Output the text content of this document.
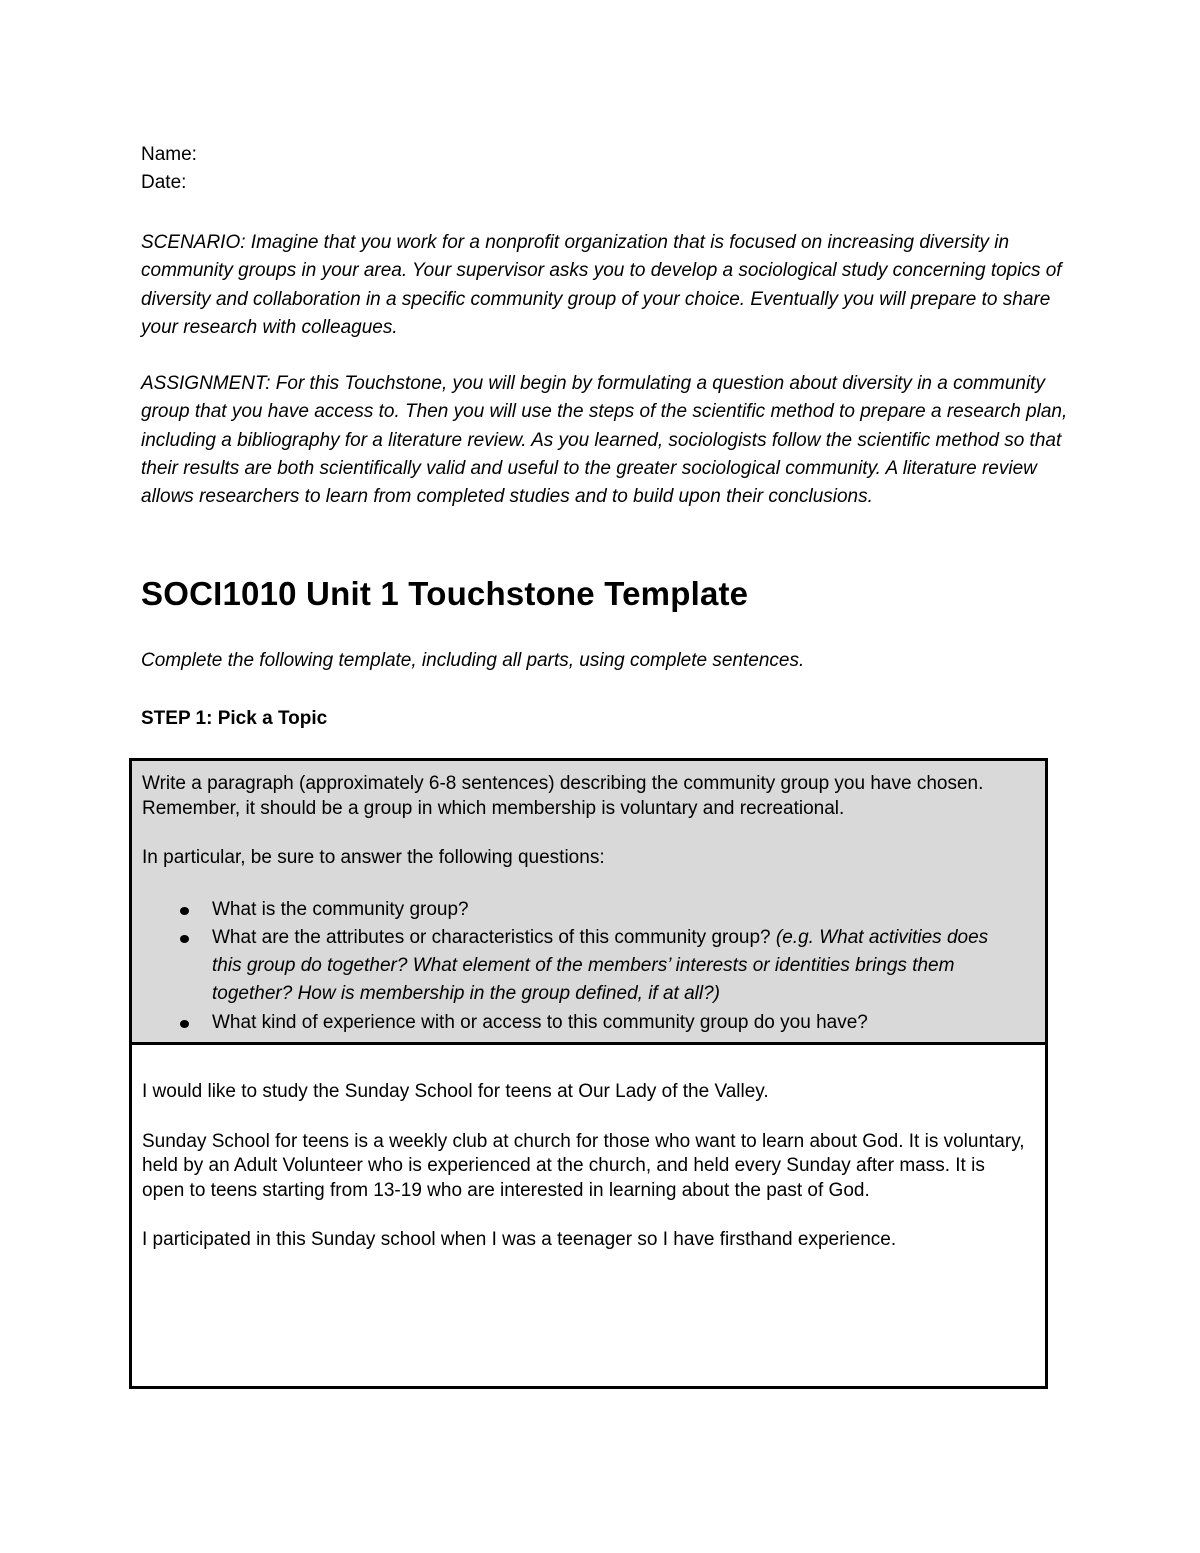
Name:
Date:
SCENARIO: Imagine that you work for a nonprofit organization that is focused on increasing diversity in community groups in your area. Your supervisor asks you to develop a sociological study concerning topics of diversity and collaboration in a specific community group of your choice. Eventually you will prepare to share your research with colleagues.
ASSIGNMENT: For this Touchstone, you will begin by formulating a question about diversity in a community group that you have access to. Then you will use the steps of the scientific method to prepare a research plan, including a bibliography for a literature review. As you learned, sociologists follow the scientific method so that their results are both scientifically valid and useful to the greater sociological community. A literature review allows researchers to learn from completed studies and to build upon their conclusions.
SOCI1010 Unit 1 Touchstone Template
Complete the following template, including all parts, using complete sentences.
STEP 1: Pick a Topic

Write a paragraph (approximately 6-8 sentences) describing the community group you have chosen. Remember, it should be a group in which membership is voluntary and recreational.

In particular, be sure to answer the following questions:

What is the community group?
What are the attributes or characteristics of this community group? (e.g. What activities does this group do together? What element of the members’ interests or identities brings them together? How is membership in the group defined, if at all?)
What kind of experience with or access to this community group do you have?

I would like to study the Sunday School for teens at Our Lady of the Valley.

Sunday School for teens is a weekly club at church for those who want to learn about God. It is voluntary, held by an Adult Volunteer who is experienced at the church, and held every Sunday after mass. It is open to teens starting from 13-19 who are interested in learning about the past of God.

I participated in this Sunday school when I was a teenager so I have firsthand experience.
